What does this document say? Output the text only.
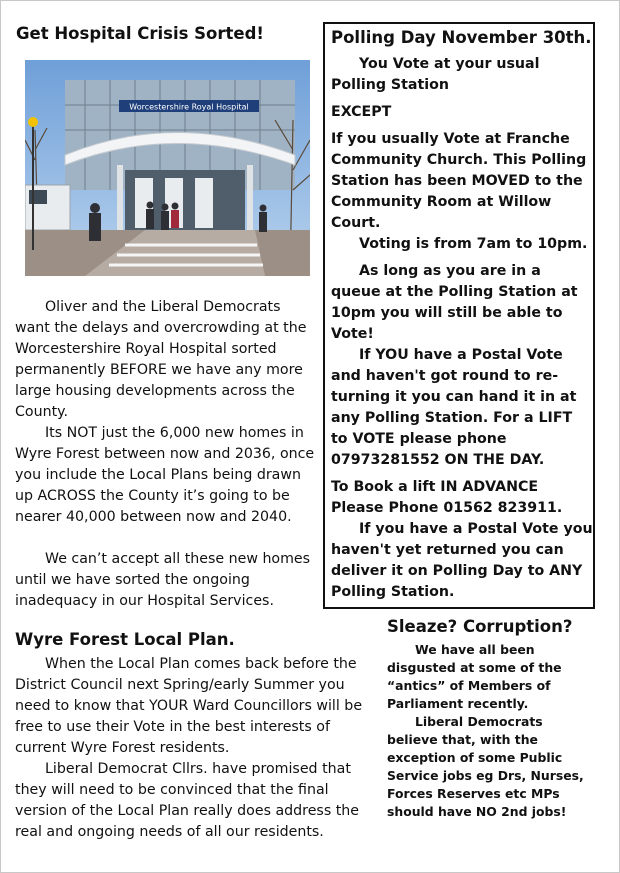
Get Hospital Crisis Sorted!
Worcestershire Royal Hospital

Oliver and the Liberal Democrats want the delays and overcrowding at the Worcestershire Royal Hospital sorted permanently BEFORE we have any more large housing developments across the County.

Its NOT just the 6,000 new homes in Wyre Forest between now and 2036, once you include the Local Plans being drawn up ACROSS the County it’s going to be nearer 40,000 between now and 2040.

We can’t accept all these new homes until we have sorted the ongoing inadequacy in our Hospital Services.

Wyre Forest Local Plan.

When the Local Plan comes back before the District Council next Spring/early Summer you need to know that YOUR Ward Councillors will be free to use their Vote in the best interests of current Wyre Forest residents.

Liberal Democrat Cllrs. have promised that they will need to be convinced that the final version of the Local Plan really does address the real and ongoing needs of all our residents.

Polling Day November 30th.

You Vote at your usual Polling Station

EXCEPT

If you usually Vote at Franche Community Church. This Polling Station has been MOVED to the Community Room at Willow Court.

Voting is from 7am to 10pm.

As long as you are in a queue at the Polling Station at 10pm you will still be able to Vote!

If YOU have a Postal Vote and haven't got round to re-turning it you can hand it in at any Polling Station. For a LIFT to VOTE please phone 07973281552 ON THE DAY.

To Book a lift IN ADVANCE Please Phone 01562 823911.

If you have a Postal Vote you haven't yet returned you can deliver it on Polling Day to ANY Polling Station.

Sleaze? Corruption?

We have all been disgusted at some of the “antics” of Members of Parliament recently.

Liberal Democrats believe that, with the exception of some Public Service jobs eg Drs, Nurses, Forces Reserves etc MPs should have NO 2nd jobs!
